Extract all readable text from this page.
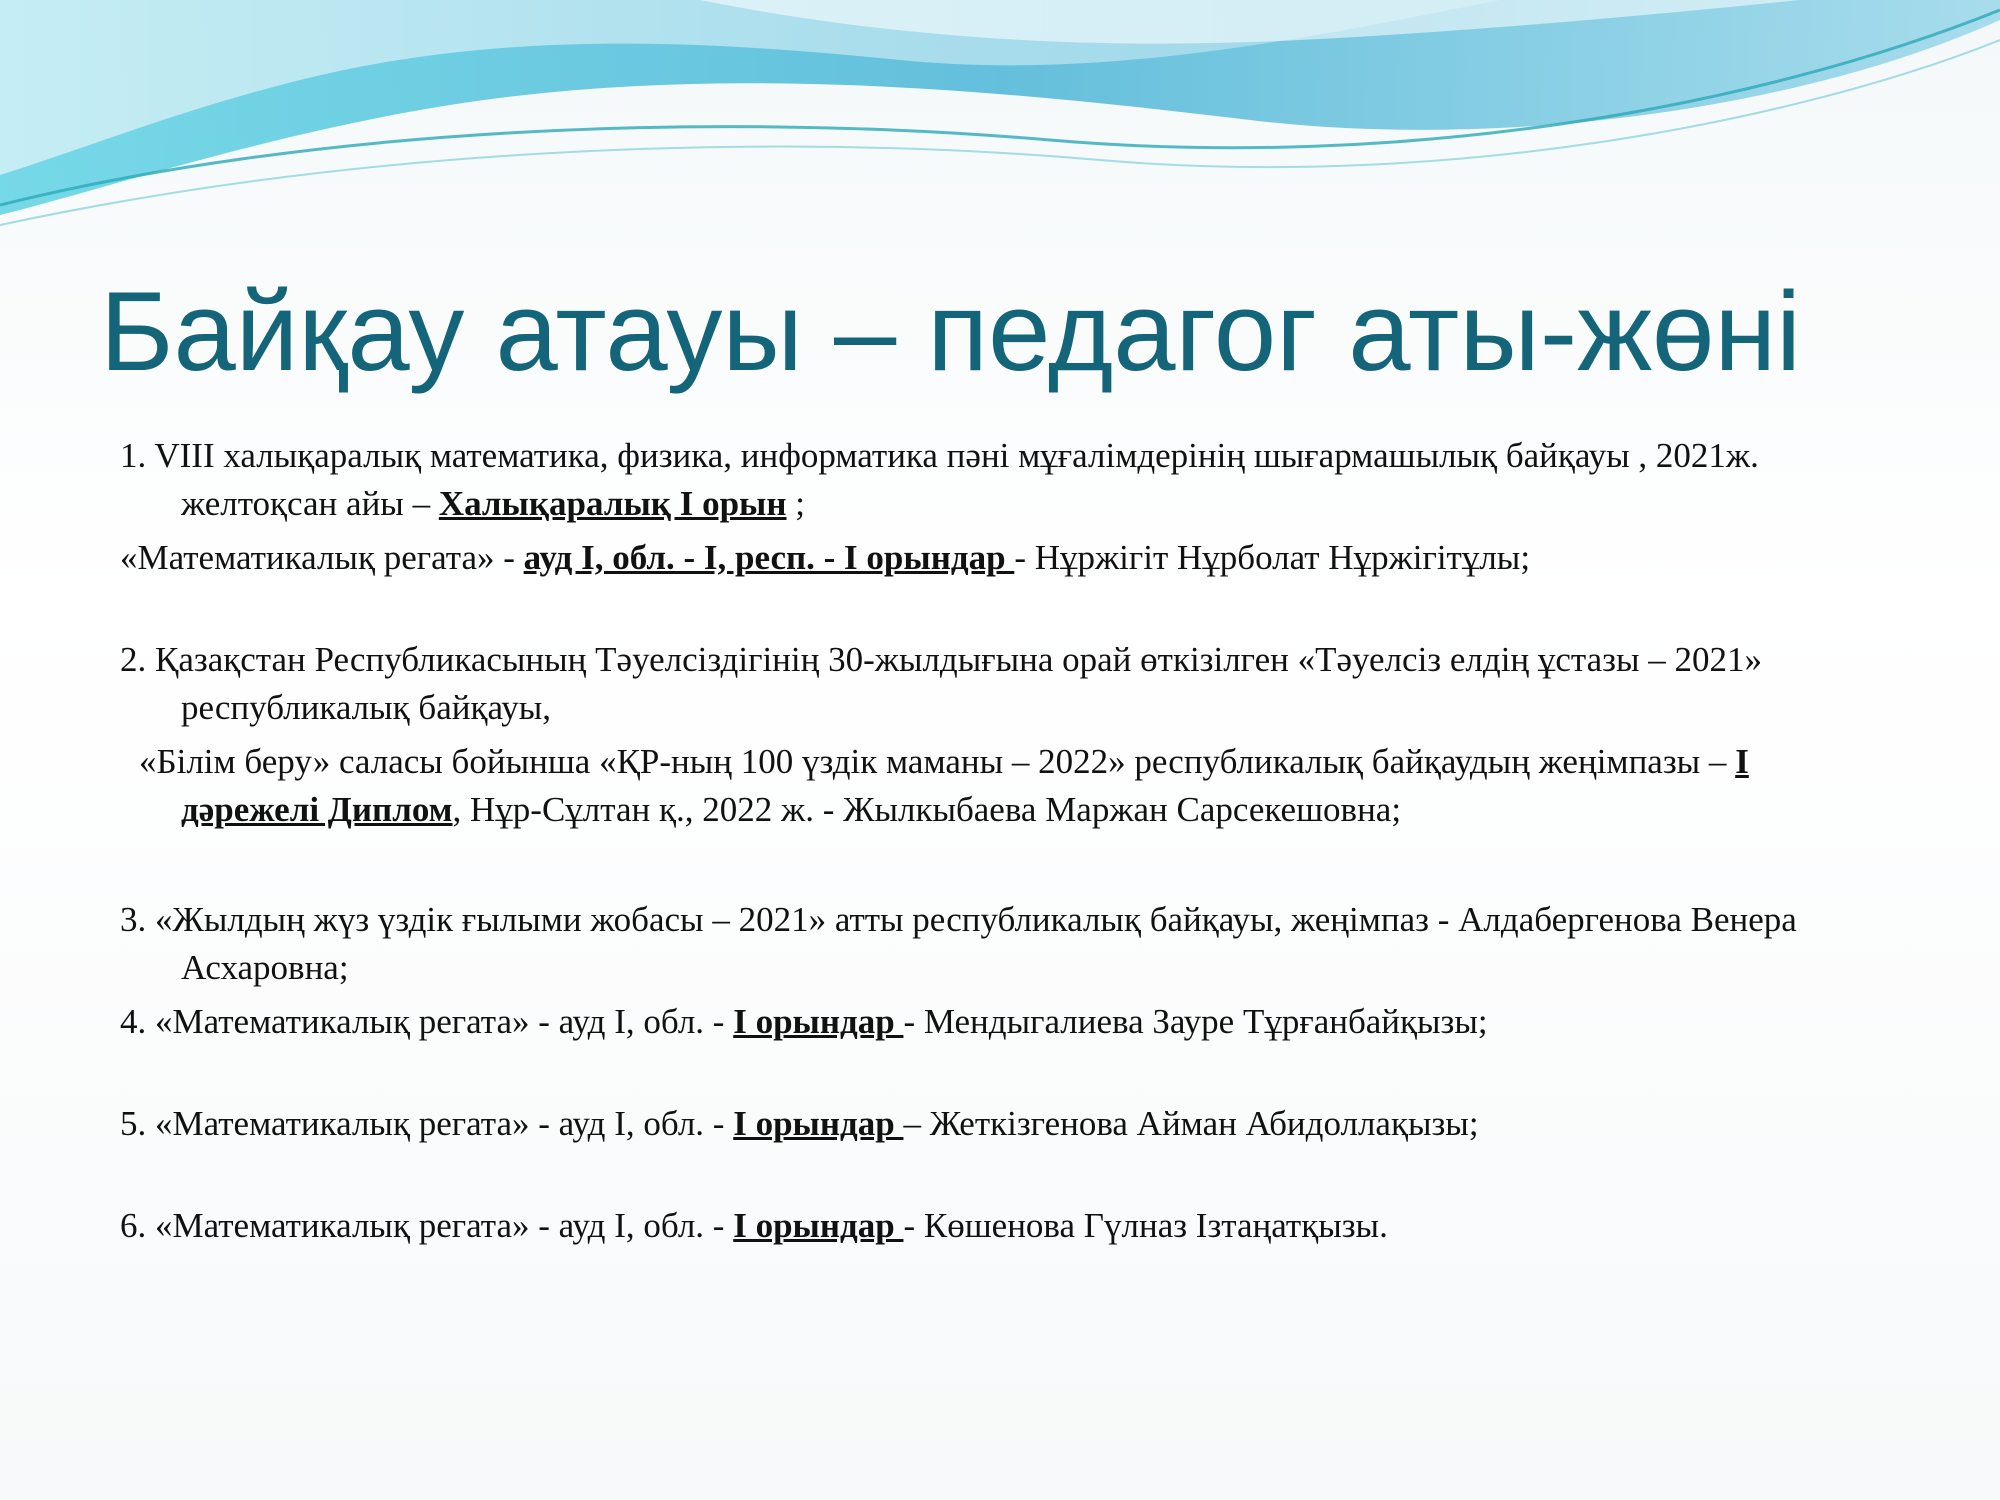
Байқау атауы – педагог аты-жөні

1. VIII халықаралық математика, физика, информатика пәні мұғалімдерінің шығармашылық байқауы , 2021ж. желтоқсан айы – Халықаралық І орын ;

«Математикалық регата» - ауд І, обл. - І, респ. - І орындар - Нұржігіт Нұрболат Нұржігітұлы;

2. Қазақстан Республикасының Тәуелсіздігінің 30-жылдығына орай өткізілген «Тәуелсіз елдің ұстазы – 2021» республикалық байқауы,

«Білім беру» саласы бойынша «ҚР-ның 100 үздік маманы – 2022» республикалық байқаудың жеңімпазы – І дәрежелі Диплом, Нұр-Сұлтан қ., 2022 ж. - Жылкыбаева Маржан Сарсекешовна;

3. «Жылдың жүз үздік ғылыми жобасы – 2021» атты республикалық байқауы, жеңімпаз - Алдабергенова Венера Асхаровна;

4. «Математикалық регата» - ауд І, обл. - І орындар - Мендыгалиева Зауре Тұрғанбайқызы;

5. «Математикалық регата» - ауд І, обл. - І орындар – Жеткізгенова Айман Абидоллақызы;

6. «Математикалық регата» - ауд І, обл. - І орындар - Көшенова Гүлназ Ізтаңатқызы.
